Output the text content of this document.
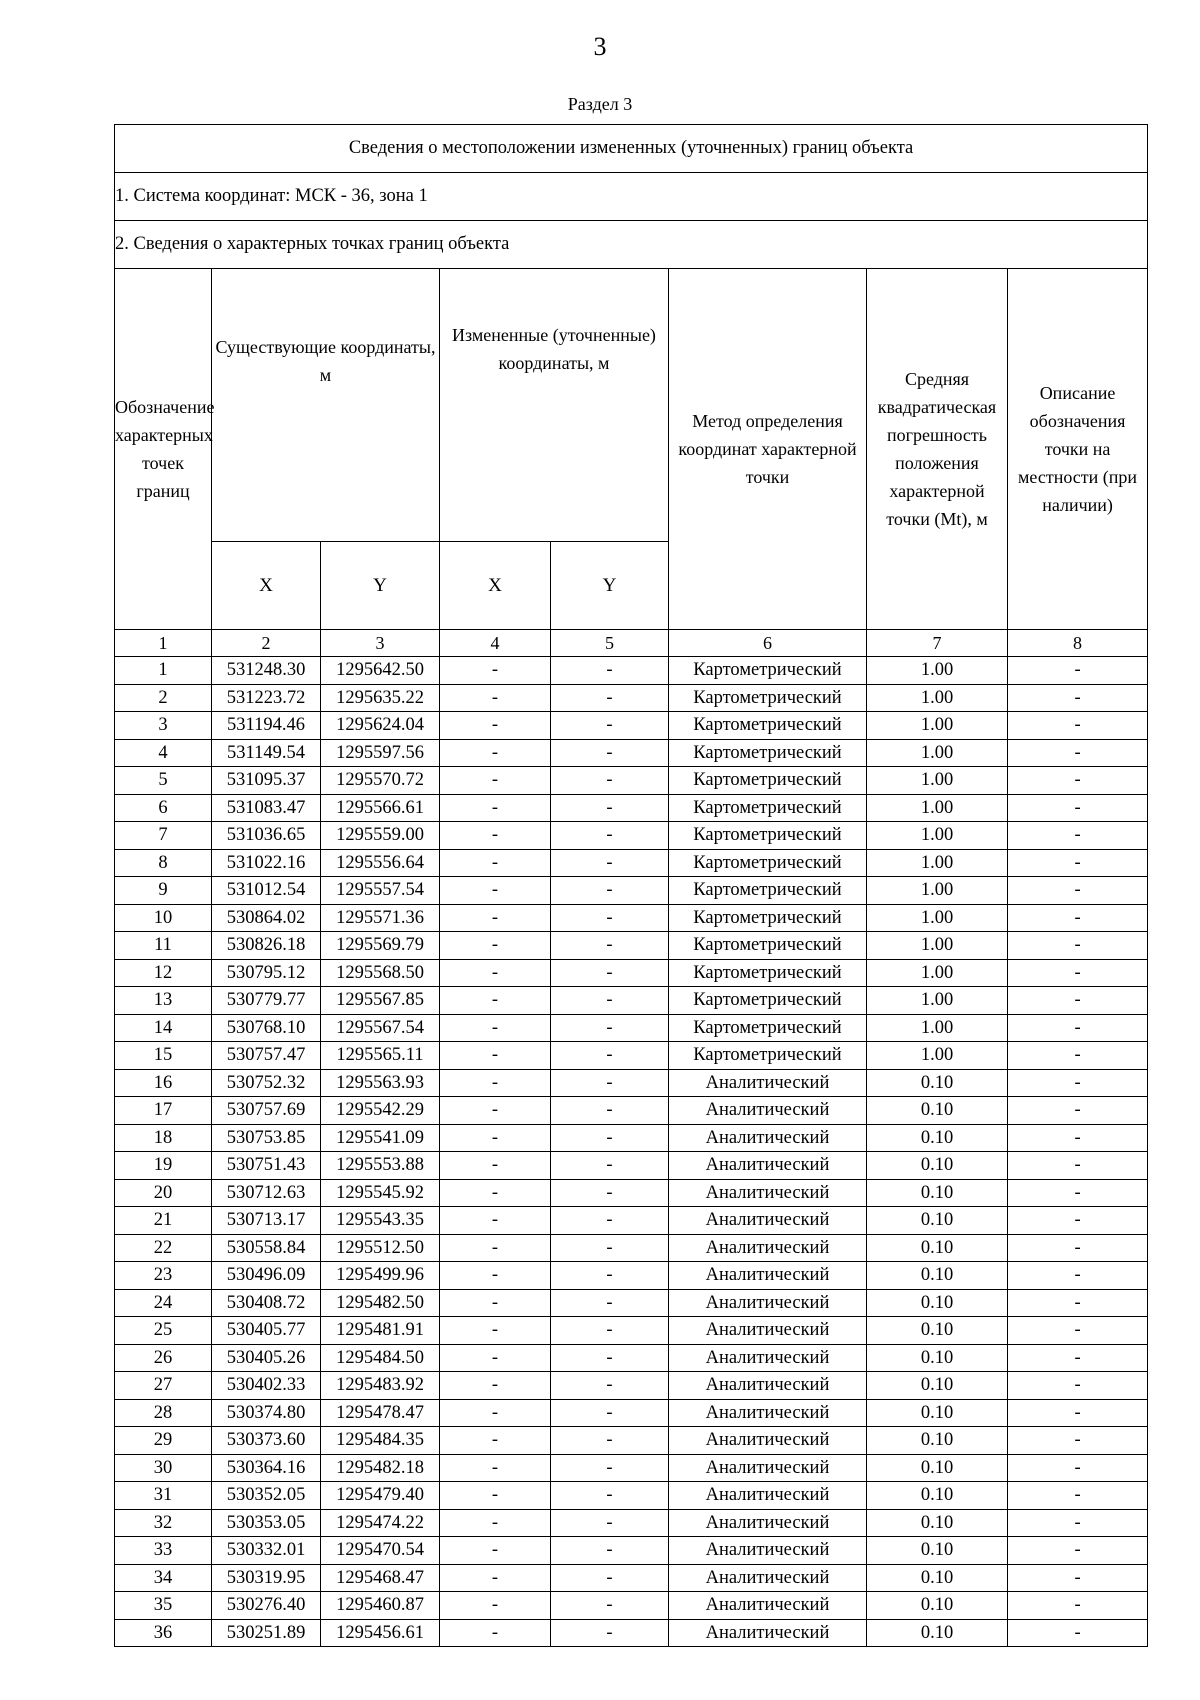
3
Раздел 3
Сведения о местоположении измененных (уточненных) границ объекта							
1. Система координат: МСК - 36, зона 1							
2. Сведения о характерных точках границ объекта							
Обозначение характерных точек границ	Существующие координаты, м		Измененные (уточненные) координаты, м		Метод определения координат характерной точки	Средняя квадратическая погрешность положения характерной точки (Mt), м	Описание обозначения точки на местности (при наличии)
	X	Y	X	Y			
1	2	3	4	5	6	7	8
1	531248.30	1295642.50	-	-	Картометрический	1.00	-
2	531223.72	1295635.22	-	-	Картометрический	1.00	-
3	531194.46	1295624.04	-	-	Картометрический	1.00	-
4	531149.54	1295597.56	-	-	Картометрический	1.00	-
5	531095.37	1295570.72	-	-	Картометрический	1.00	-
6	531083.47	1295566.61	-	-	Картометрический	1.00	-
7	531036.65	1295559.00	-	-	Картометрический	1.00	-
8	531022.16	1295556.64	-	-	Картометрический	1.00	-
9	531012.54	1295557.54	-	-	Картометрический	1.00	-
10	530864.02	1295571.36	-	-	Картометрический	1.00	-
11	530826.18	1295569.79	-	-	Картометрический	1.00	-
12	530795.12	1295568.50	-	-	Картометрический	1.00	-
13	530779.77	1295567.85	-	-	Картометрический	1.00	-
14	530768.10	1295567.54	-	-	Картометрический	1.00	-
15	530757.47	1295565.11	-	-	Картометрический	1.00	-
16	530752.32	1295563.93	-	-	Аналитический	0.10	-
17	530757.69	1295542.29	-	-	Аналитический	0.10	-
18	530753.85	1295541.09	-	-	Аналитический	0.10	-
19	530751.43	1295553.88	-	-	Аналитический	0.10	-
20	530712.63	1295545.92	-	-	Аналитический	0.10	-
21	530713.17	1295543.35	-	-	Аналитический	0.10	-
22	530558.84	1295512.50	-	-	Аналитический	0.10	-
23	530496.09	1295499.96	-	-	Аналитический	0.10	-
24	530408.72	1295482.50	-	-	Аналитический	0.10	-
25	530405.77	1295481.91	-	-	Аналитический	0.10	-
26	530405.26	1295484.50	-	-	Аналитический	0.10	-
27	530402.33	1295483.92	-	-	Аналитический	0.10	-
28	530374.80	1295478.47	-	-	Аналитический	0.10	-
29	530373.60	1295484.35	-	-	Аналитический	0.10	-
30	530364.16	1295482.18	-	-	Аналитический	0.10	-
31	530352.05	1295479.40	-	-	Аналитический	0.10	-
32	530353.05	1295474.22	-	-	Аналитический	0.10	-
33	530332.01	1295470.54	-	-	Аналитический	0.10	-
34	530319.95	1295468.47	-	-	Аналитический	0.10	-
35	530276.40	1295460.87	-	-	Аналитический	0.10	-
36	530251.89	1295456.61	-	-	Аналитический	0.10	-
